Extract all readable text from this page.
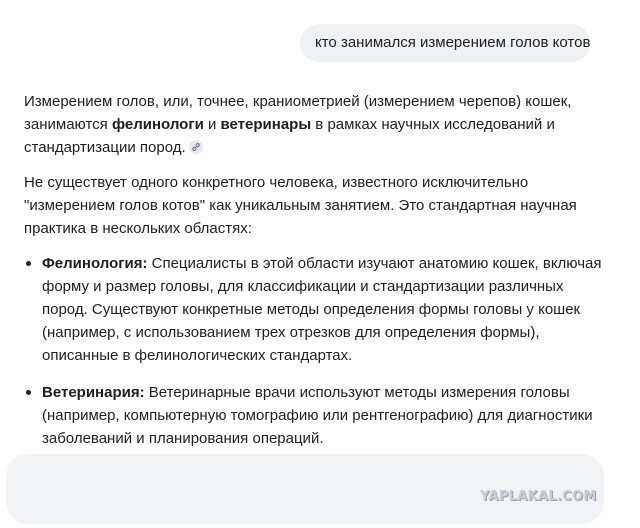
кто занимался измерением голов котов

Измерением голов, или, точнее, краниометрией (измерением черепов) кошек, занимаются фелинологи и ветеринары в рамках научных исследований и стандартизации пород.

Не существует одного конкретного человека, известного исключительно "измерением голов котов" как уникальным занятием. Это стандартная научная практика в нескольких областях:

Фелинология: Специалисты в этой области изучают анатомию кошек, включая форму и размер головы, для классификации и стандартизации различных пород. Существуют конкретные методы определения формы головы у кошек (например, с использованием трех отрезков для определения формы), описанные в фелинологических стандартах.
Ветеринария: Ветеринарные врачи используют методы измерения головы (например, компьютерную томографию или рентгенографию) для диагностики заболеваний и планирования операций.
YAPLAKAL.COM
